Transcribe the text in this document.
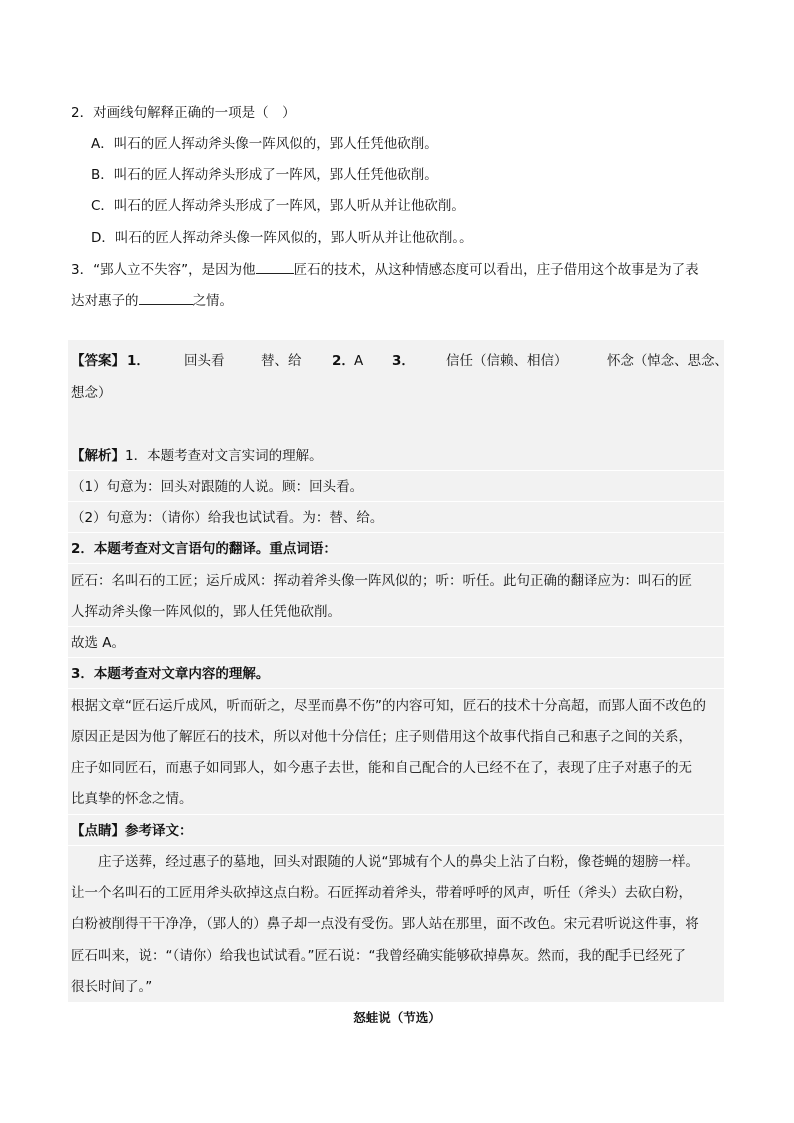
2．对画线句解释正确的一项是（　）
A．叫石的匠人挥动斧头像一阵风似的，郢人任凭他砍削。
B．叫石的匠人挥动斧头形成了一阵风，郢人任凭他砍削。
C．叫石的匠人挥动斧头形成了一阵风，郢人听从并让他砍削。
D．叫石的匠人挥动斧头像一阵风似的，郢人听从并让他砍削。。
3．“郢人立不失容”，是因为他	匠石的技术，从这种情感态度可以看出，庄子借用这个故事是为了表
达对惠子的	之情。
【答案】 1．	回头看	替、给 2． A 3． 信任（信赖、相信）	怀念（悼念、思念、
想念）
【解析】1．本题考查对文言实词的理解。
（1）句意为：回头对跟随的人说。顾：回头看。
（2）句意为：（请你）给我也试试看。为：替、给。
2．本题考查对文言语句的翻译。重点词语：
匠石：名叫石的工匠；运斤成风：挥动着斧头像一阵风似的；听：听任。此句正确的翻译应为：叫石的匠
人挥动斧头像一阵风似的，郢人任凭他砍削。
故选 A。
3．本题考查对文章内容的理解。
根据文章“匠石运斤成风，听而斫之，尽垩而鼻不伤”的内容可知，匠石的技术十分高超，而郢人面不改色的
原因正是因为他了解匠石的技术，所以对他十分信任；庄子则借用这个故事代指自己和惠子之间的关系，
庄子如同匠石，而惠子如同郢人，如今惠子去世，能和自己配合的人已经不在了，表现了庄子对惠子的无
比真挚的怀念之情。
【点睛】参考译文：
　　庄子送葬，经过惠子的墓地，回头对跟随的人说“郢城有个人的鼻尖上沾了白粉，像苍蝇的翅膀一样。
让一个名叫石的工匠用斧头砍掉这点白粉。石匠挥动着斧头，带着呼呼的风声，听任（斧头）去砍白粉，
白粉被削得干干净净，（郢人的）鼻子却一点没有受伤。郢人站在那里，面不改色。宋元君听说这件事，将
匠石叫来，说：“（请你）给我也试试看。”匠石说：“我曾经确实能够砍掉鼻灰。然而，我的配手已经死了
很长时间了。”
怒蛙说（节选）
